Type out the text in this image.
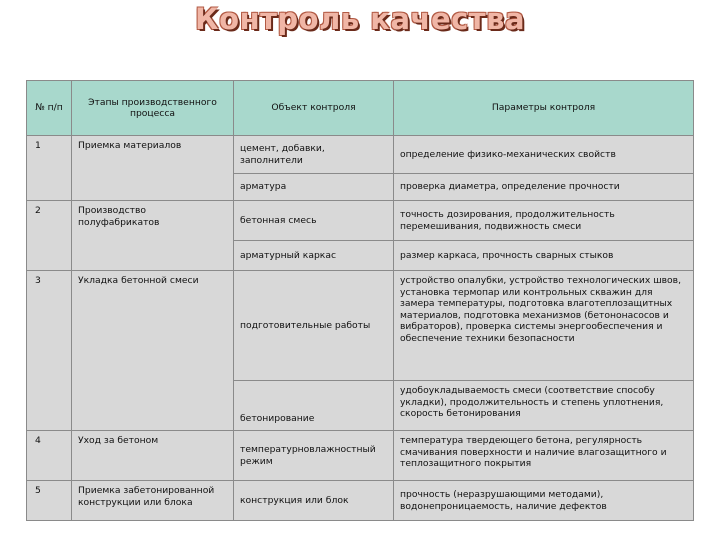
Контроль качества
№ п/п	Этапы производственного процесса	Объект контроля	Параметры контроля
1	Приемка материалов	цемент, добавки, заполнители	определение физико-механических свойств
		арматура	проверка диаметра, определение прочности
2	Производство полуфабрикатов	бетонная смесь	точность дозирования, продолжительность перемешивания, подвижность смеси
		арматурный каркас	размер каркаса, прочность сварных стыков
3	Укладка бетонной смеси	подготовительные работы	устройство опалубки, устройство технологических швов, установка термопар или контрольных скважин для замера температуры, подготовка влаготеплозащитных материалов, подготовка механизмов (бетононасосов и вибраторов), проверка системы энергообеспечения и обеспечение техники безопасности
		бетонирование	удобоукладываемость смеси (соответствие способу укладки), продолжительность и степень уплотнения, скорость бетонирования
4	Уход за бетоном	температурновлажностный режим	температура твердеющего бетона, регулярность смачивания поверхности и наличие влагозащитного и теплозащитного покрытия
5	Приемка забетонированной конструкции или блока	конструкция или блок	прочность (неразрушающими методами), водонепроницаемость, наличие дефектов
